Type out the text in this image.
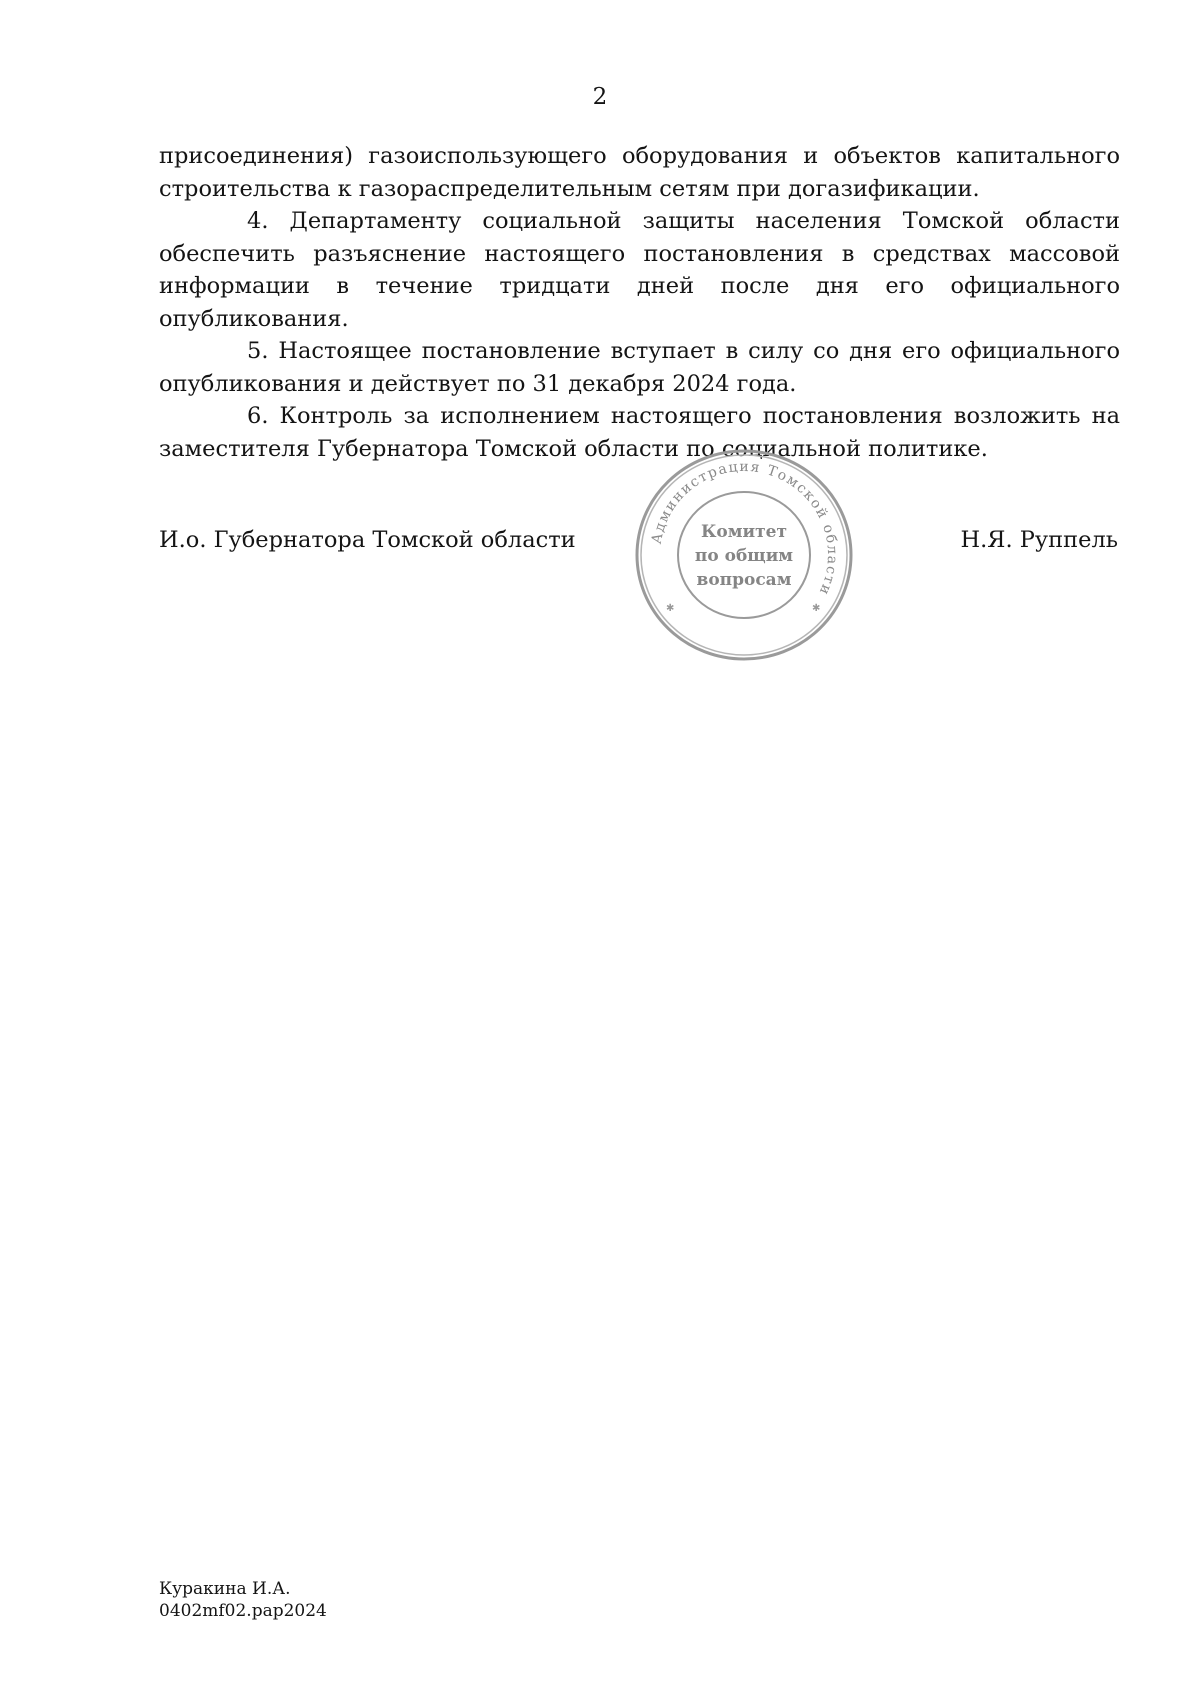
2

присоединения) газоиспользующего оборудования и объектов капитального строительства к газораспределительным сетям при догазификации.

4. Департаменту социальной защиты населения Томской области обеспечить разъяснение настоящего постановления в средствах массовой информации в течение тридцати дней после дня его официального опубликования.

5. Настоящее постановление вступает в силу со дня его официального опубликования и действует по 31 декабря 2024 года.

6. Контроль за исполнением настоящего постановления возложить на заместителя Губернатора Томской области по социальной политике.

И.о. Губернатора Томской области	Администрация Томской области
✱	✱
Комитет
по общим
вопросам
Н.Я. Руппель
Куракина И.А.
0402mf02.pap2024
